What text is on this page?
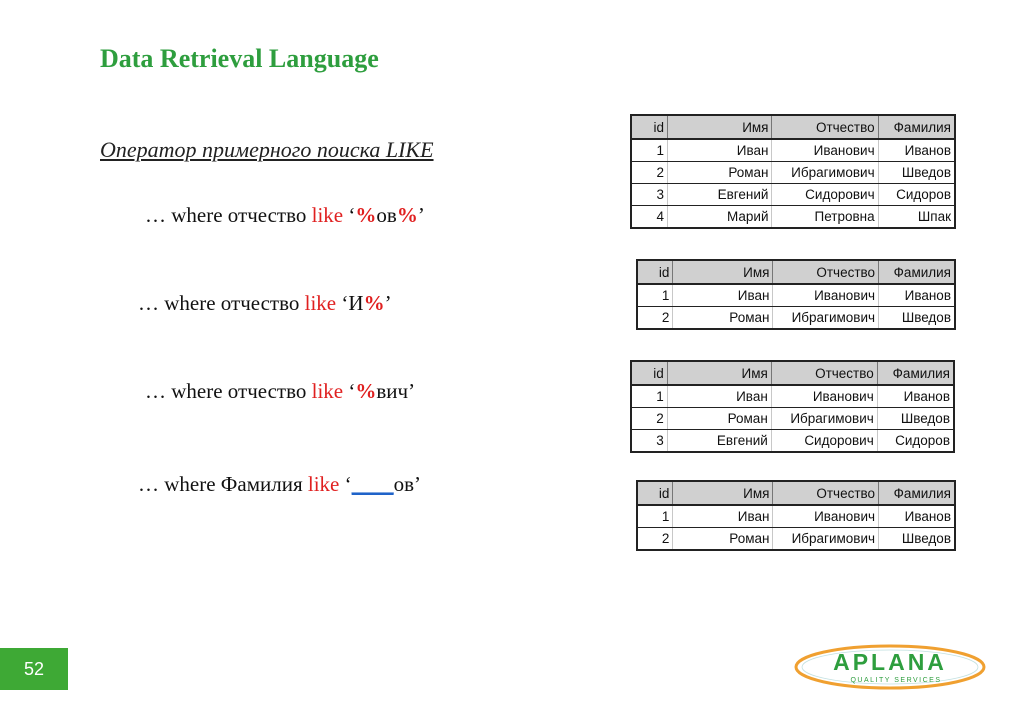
Data Retrieval Language
Оператор примерного поиска LIKE
… where отчество like ‘%ов%’
… where отчество like ‘И%’
… where отчество like ‘%вич’
… where Фамилия like ‘____ов’
id	Имя	Отчество	Фамилия
1	Иван	Иванович	Иванов
2	Роман	Ибрагимович	Шведов
3	Евгений	Сидорович	Сидоров
4	Марий	Петровна	Шпак
id	Имя	Отчество	Фамилия
1	Иван	Иванович	Иванов
2	Роман	Ибрагимович	Шведов
id	Имя	Отчество	Фамилия
1	Иван	Иванович	Иванов
2	Роман	Ибрагимович	Шведов
3	Евгений	Сидорович	Сидоров
id	Имя	Отчество	Фамилия
1	Иван	Иванович	Иванов
2	Роман	Ибрагимович	Шведов
52	APLANA
QUALITY SERVICES
